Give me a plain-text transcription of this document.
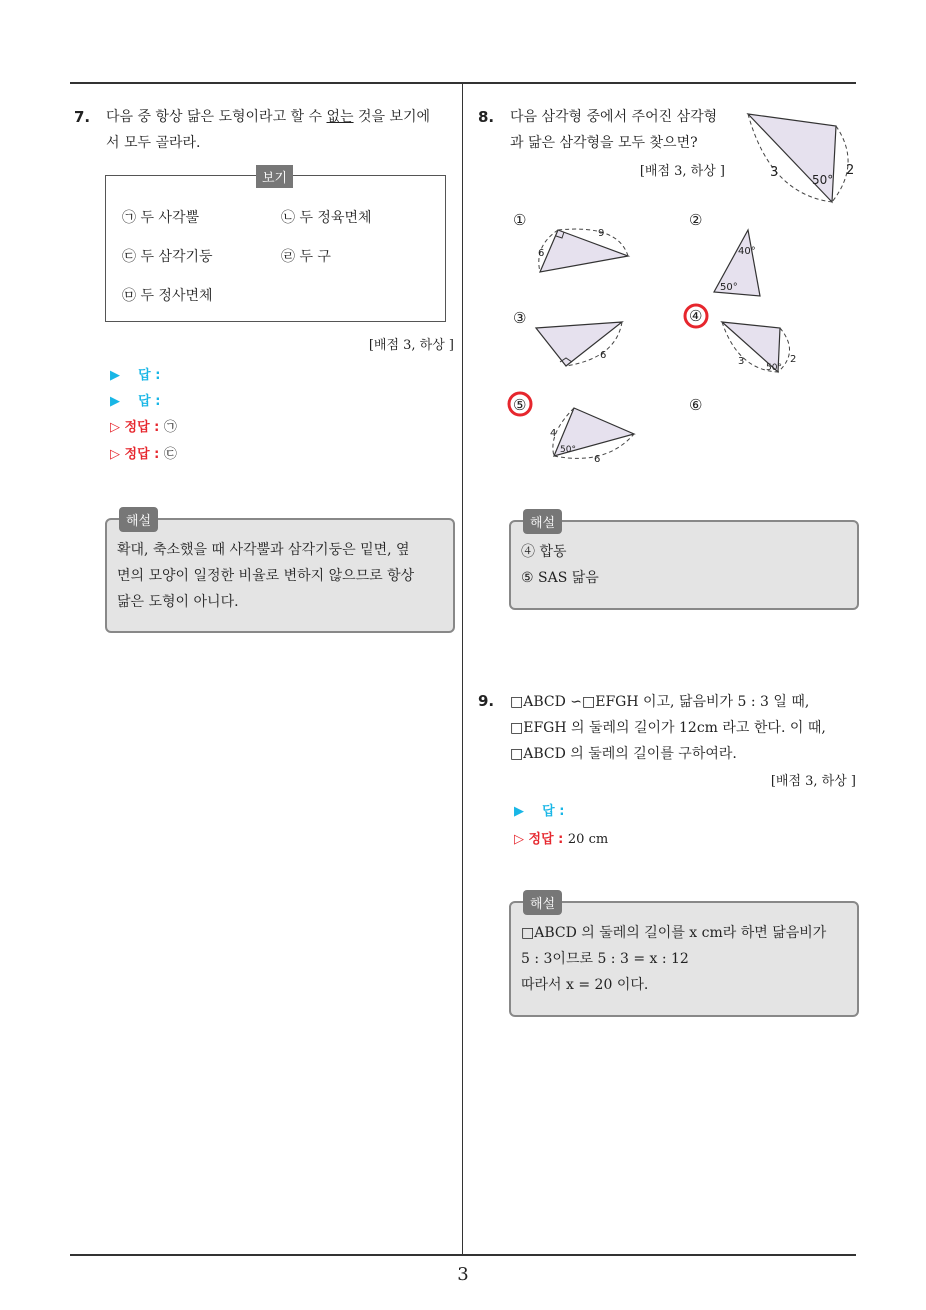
3
7. 다음 중 항상 닮은 도형이라고 할 수 없는 것을 보기에
서 모두 골라라.
보기
㉠ 두 사각뿔	㉡ 두 정육면체
㉢ 두 삼각기둥	㉣ 두 구
㉤ 두 정사면체
[배점 3, 하상 ]
▶ 답 :
▶ 답 :
▷ 정답 : ㉠
▷ 정답 : ㉢
해설
확대, 축소했을 때 사각뿔과 삼각기둥은 밑면, 옆
면의 모양이 일정한 비율로 변하지 않으므로 항상
닮은 도형이 아니다.
8. 다음 삼각형 중에서 주어진 삼각형
과 닮은 삼각형을 모두 찾으면?
[배점 3, 하상 ]	3	50°
2
①
6
9
②
40°
50°
③
6
④
3
50°
2
⑤
4
50°
6
⑥
해설
④ 합동
⑤ SAS 닮음
9. □ABCD ∽□EFGH 이고, 닮음비가 5 : 3 일 때,
□EFGH 의 둘레의 길이가 12cm 라고 한다. 이 때,
□ABCD 의 둘레의 길이를 구하여라.
[배점 3, 하상 ]
▶ 답 :
▷ 정답 : 20 cm
해설
□ABCD 의 둘레의 길이를 x cm라 하면 닮음비가
5 : 3이므로 5 : 3 = x : 12
따라서 x = 20 이다.
